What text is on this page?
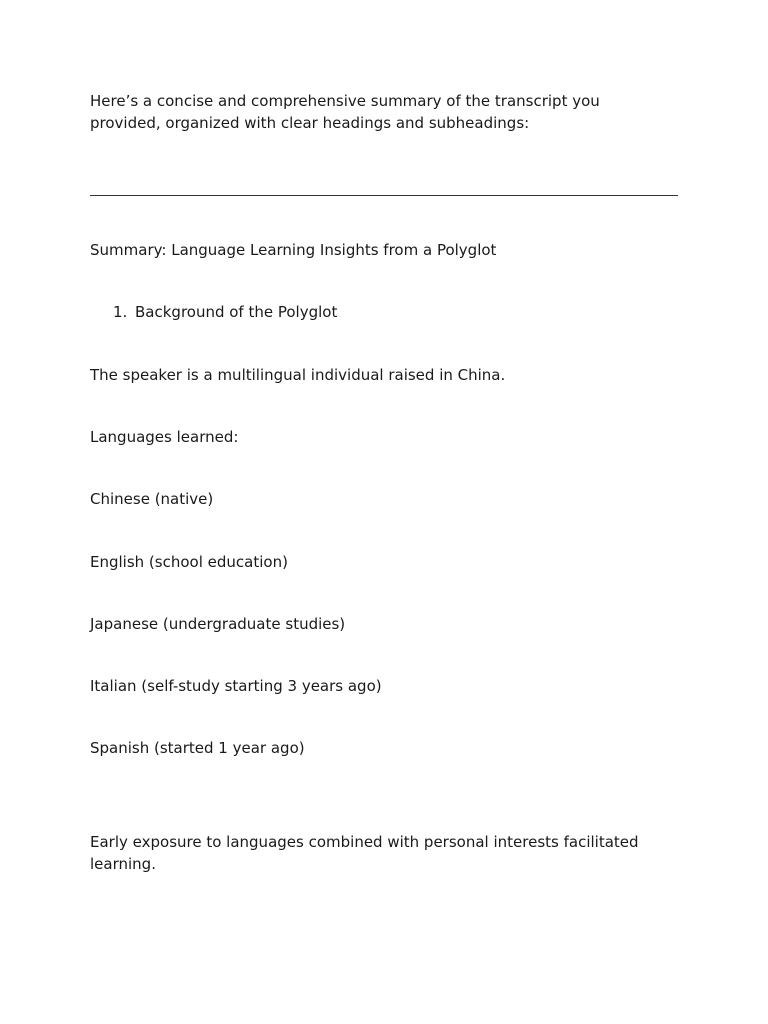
Here’s a concise and comprehensive summary of the transcript you provided, organized with clear headings and subheadings:

Summary: Language Learning Insights from a Polyglot

1. Background of the Polyglot

The speaker is a multilingual individual raised in China.

Languages learned:

Chinese (native)

English (school education)

Japanese (undergraduate studies)

Italian (self-study starting 3 years ago)

Spanish (started 1 year ago)

Early exposure to languages combined with personal interests facilitated learning.
